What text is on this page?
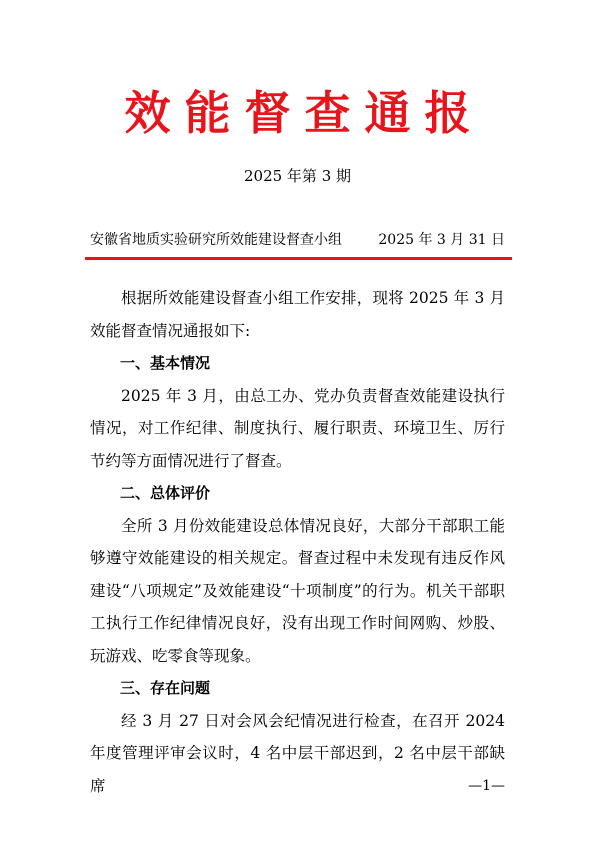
效能督查通报
2025 年第 3 期
安徽省地质实验研究所效能建设督查小组	2025 年 3 月 31 日

根据所效能建设督查小组工作安排，现将 2025 年 3 月效能督查情况通报如下:

一、基本情况

2025 年 3 月，由总工办、党办负责督查效能建设执行情况，对工作纪律、制度执行、履行职责、环境卫生、厉行节约等方面情况进行了督查。

二、总体评价

全所 3 月份效能建设总体情况良好，大部分干部职工能够遵守效能建设的相关规定。督查过程中未发现有违反作风建设“八项规定”及效能建设“十项制度”的行为。机关干部职工执行工作纪律情况良好，没有出现工作时间网购、炒股、玩游戏、吃零食等现象。

三、存在问题

经 3 月 27 日对会风会纪情况进行检查，在召开 2024 年度管理评审会议时，4 名中层干部迟到，2 名中层干部缺席	—1—
